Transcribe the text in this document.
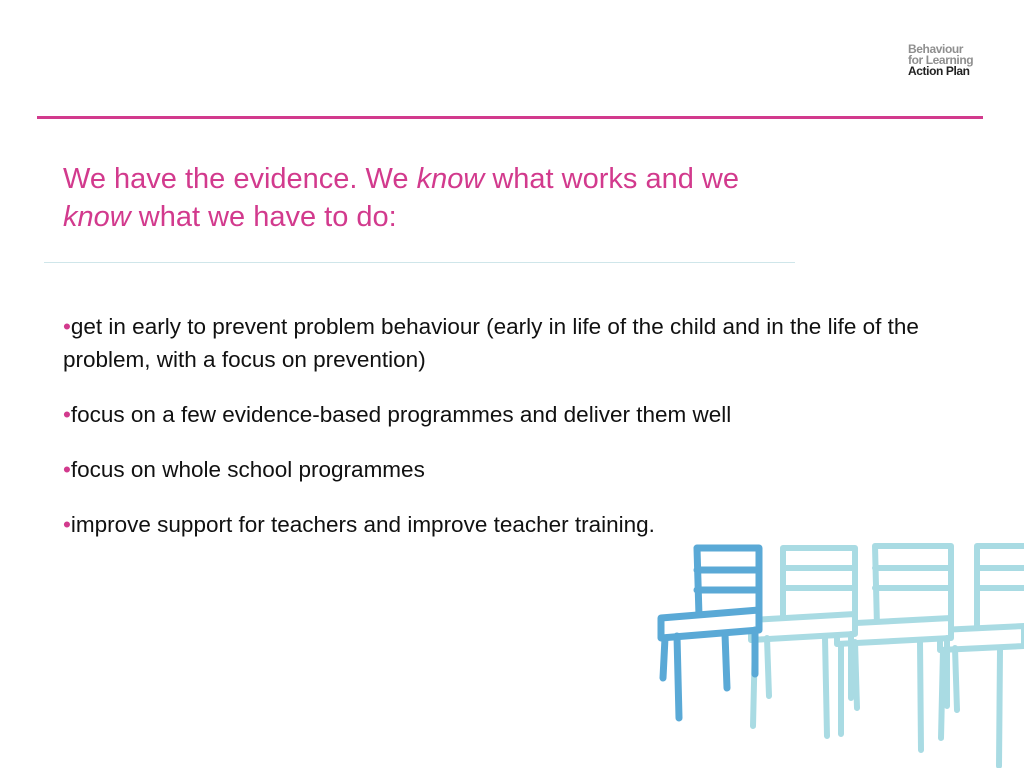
Behaviour
for Learning
Action Plan
We have the evidence. We know what works and we
know what we have to do:
•get in early to prevent problem behaviour (early in life of the child and in the life of the problem, with a focus on prevention)
•focus on a few evidence-based programmes and deliver them well
•focus on whole school programmes
•improve support for teachers and improve teacher training.
